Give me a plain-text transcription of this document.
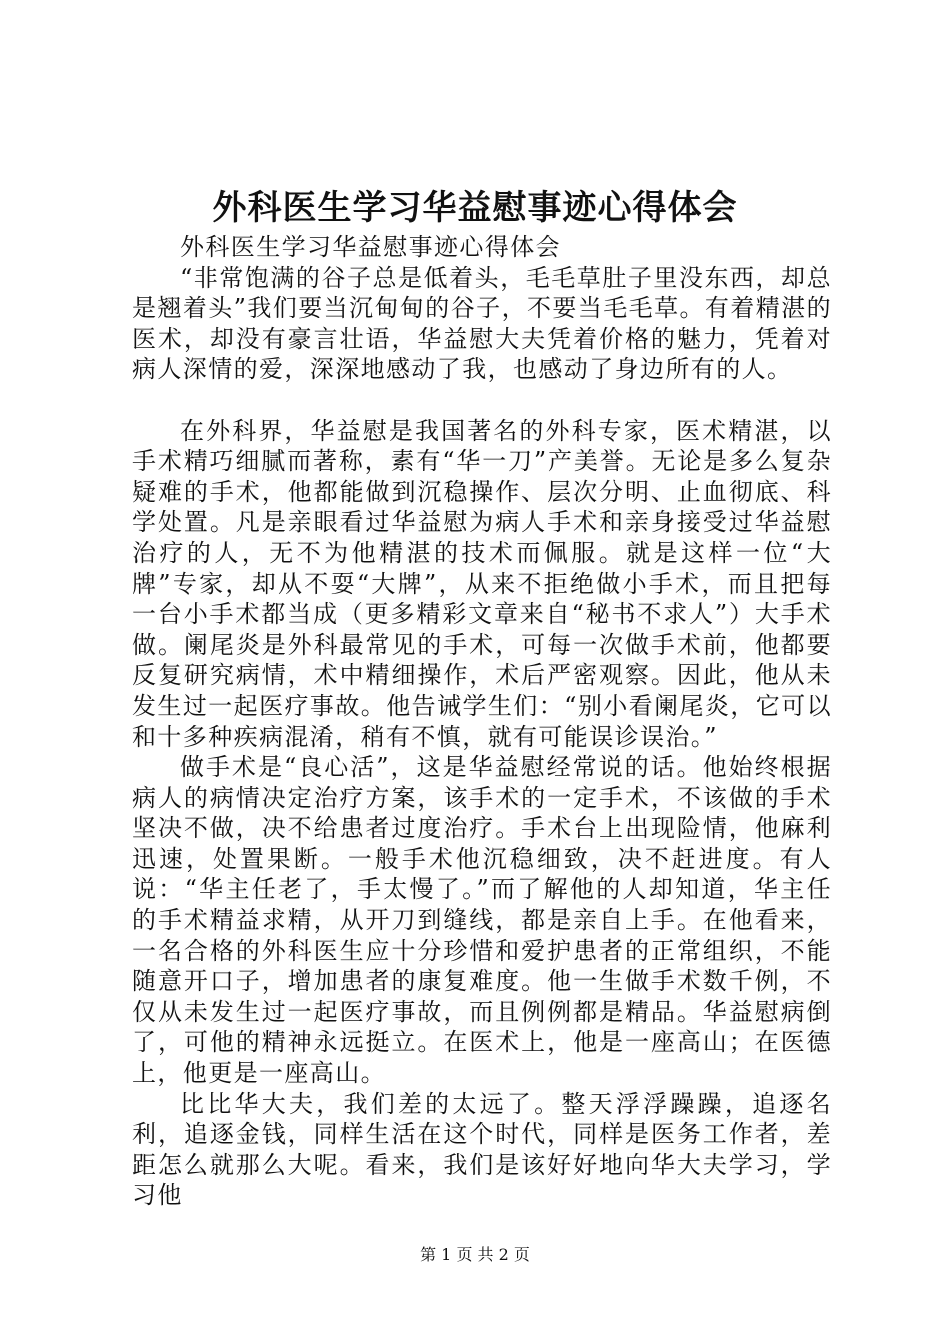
外科医生学习华益慰事迹心得体会

外科医生学习华益慰事迹心得体会

“非常饱满的谷子总是低着头，毛毛草肚子里没东西，却总是翘着头”我们要当沉甸甸的谷子，不要当毛毛草。有着精湛的医术，却没有豪言壮语，华益慰大夫凭着价格的魅力，凭着对病人深情的爱，深深地感动了我，也感动了身边所有的人。

在外科界，华益慰是我国著名的外科专家，医术精湛，以手术精巧细腻而著称，素有“华一刀”产美誉。无论是多么复杂疑难的手术，他都能做到沉稳操作、层次分明、止血彻底、科学处置。凡是亲眼看过华益慰为病人手术和亲身接受过华益慰治疗的人，无不为他精湛的技术而佩服。就是这样一位“大牌”专家，却从不耍“大牌”，从来不拒绝做小手术，而且把每一台小手术都当成（更多精彩文章来自“秘书不求人”）大手术做。阑尾炎是外科最常见的手术，可每一次做手术前，他都要反复研究病情，术中精细操作，术后严密观察。因此，他从未发生过一起医疗事故。他告诫学生们：“别小看阑尾炎，它可以和十多种疾病混淆，稍有不慎，就有可能误诊误治。”

做手术是“良心活”，这是华益慰经常说的话。他始终根据病人的病情决定治疗方案，该手术的一定手术，不该做的手术坚决不做，决不给患者过度治疗。手术台上出现险情，他麻利迅速，处置果断。一般手术他沉稳细致，决不赶进度。有人说：“华主任老了，手太慢了。”而了解他的人却知道，华主任的手术精益求精，从开刀到缝线，都是亲自上手。在他看来，一名合格的外科医生应十分珍惜和爱护患者的正常组织，不能随意开口子，增加患者的康复难度。他一生做手术数千例，不仅从未发生过一起医疗事故，而且例例都是精品。华益慰病倒了，可他的精神永远挺立。在医术上，他是一座高山；在医德上，他更是一座高山。

比比华大夫，我们差的太远了。整天浮浮躁躁，追逐名利，追逐金钱，同样生活在这个时代，同样是医务工作者，差距怎么就那么大呢。看来，我们是该好好地向华大夫学习，学习他

第 1 页 共 2 页
